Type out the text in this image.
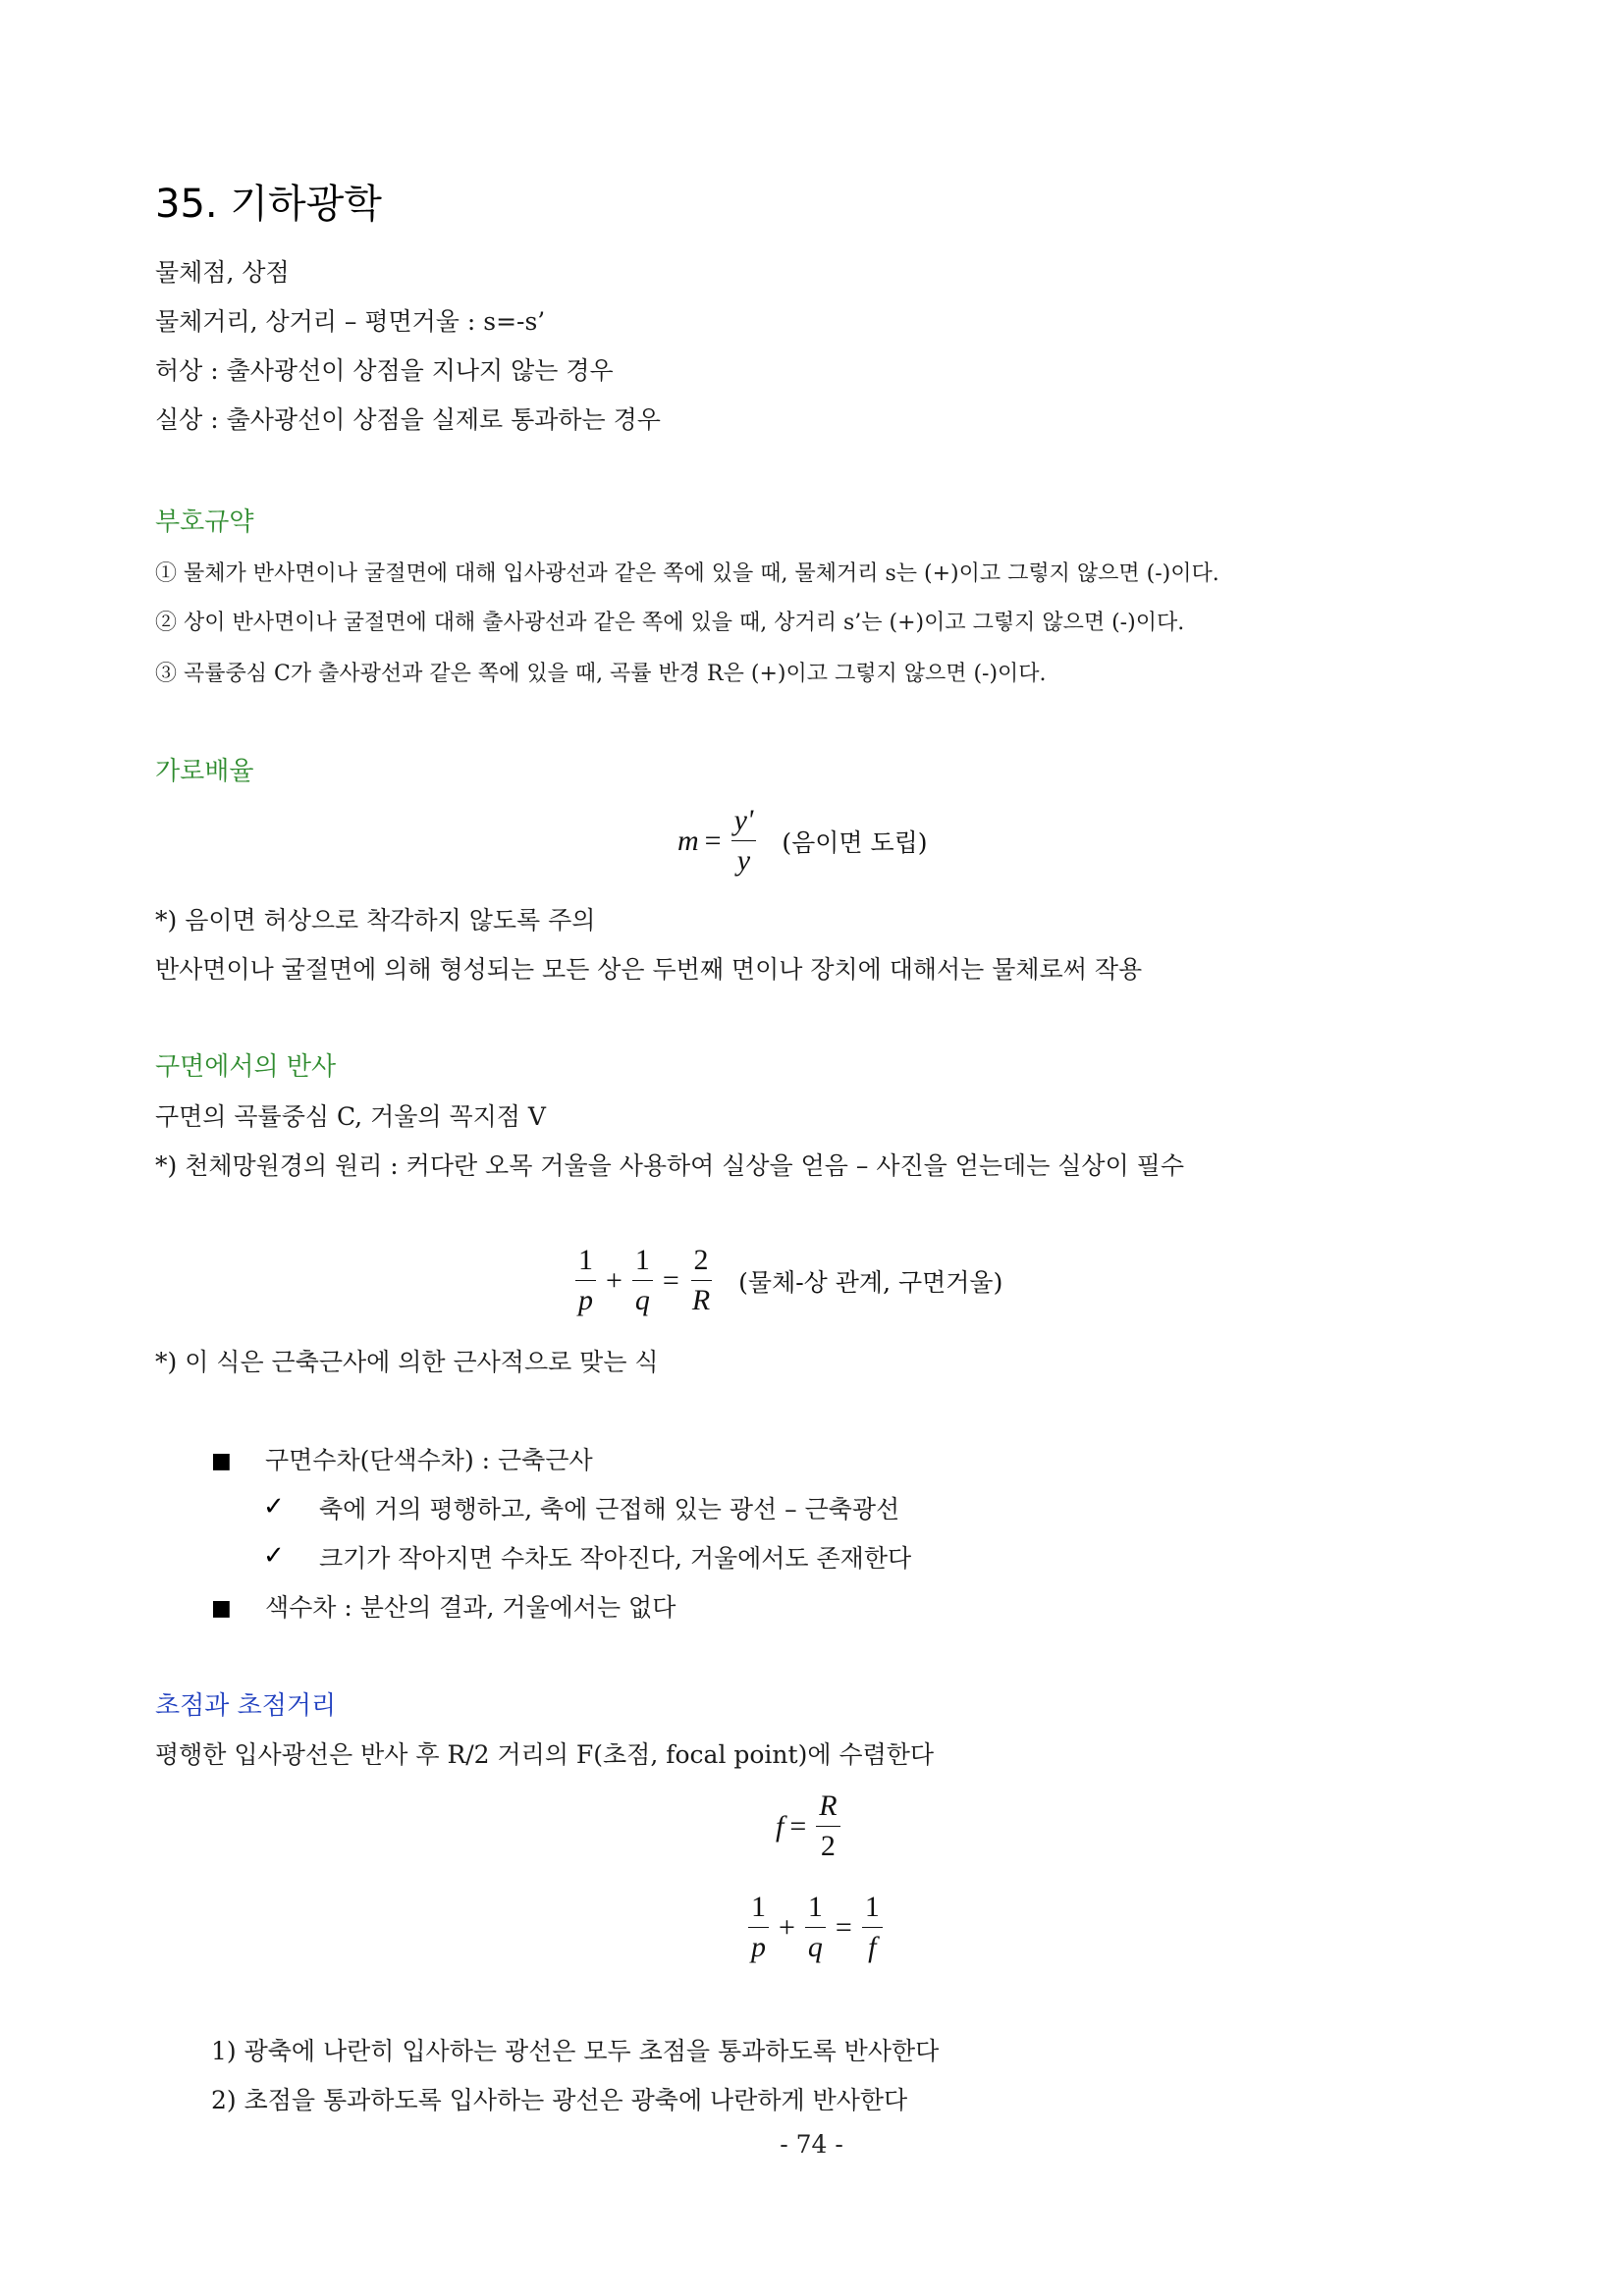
35. 기하광학
물체점, 상점
물체거리, 상거리 – 평면거울 : s=-s’
허상 : 출사광선이 상점을 지나지 않는 경우
실상 : 출사광선이 상점을 실제로 통과하는 경우
부호규약
① 물체가 반사면이나 굴절면에 대해 입사광선과 같은 쪽에 있을 때, 물체거리 s는 (+)이고 그렇지 않으면 (-)이다.
② 상이 반사면이나 굴절면에 대해 출사광선과 같은 쪽에 있을 때, 상거리 s’는 (+)이고 그렇지 않으면 (-)이다.
③ 곡률중심 C가 출사광선과 같은 쪽에 있을 때, 곡률 반경 R은 (+)이고 그렇지 않으면 (-)이다.
가로배율
$m = \frac{y'}{y}$ (음이면 도립)
*) 음이면 허상으로 착각하지 않도록 주의
반사면이나 굴절면에 의해 형성되는 모든 상은 두번째 면이나 장치에 대해서는 물체로써 작용
구면에서의 반사
구면의 곡률중심 C, 거울의 꼭지점 V
*) 천체망원경의 원리 : 커다란 오목 거울을 사용하여 실상을 얻음 – 사진을 얻는데는 실상이 필수
$\frac{1}{p} + \frac{1}{q} = \frac{2}{R}$ (물체-상 관계, 구면거울)
*) 이 식은 근축근사에 의한 근사적으로 맞는 식
■ 구면수차(단색수차) : 근축근사
✓ 축에 거의 평행하고, 축에 근접해 있는 광선 – 근축광선
✓ 크기가 작아지면 수차도 작아진다, 거울에서도 존재한다
■ 색수차 : 분산의 결과, 거울에서는 없다
초점과 초점거리
평행한 입사광선은 반사 후 R/2 거리의 F(초점, focal point)에 수렴한다
$f = \frac{R}{2}$
$\frac{1}{p} + \frac{1}{q} = \frac{1}{f}$
1) 광축에 나란히 입사하는 광선은 모두 초점을 통과하도록 반사한다
2) 초점을 통과하도록 입사하는 광선은 광축에 나란하게 반사한다
- 74 -
